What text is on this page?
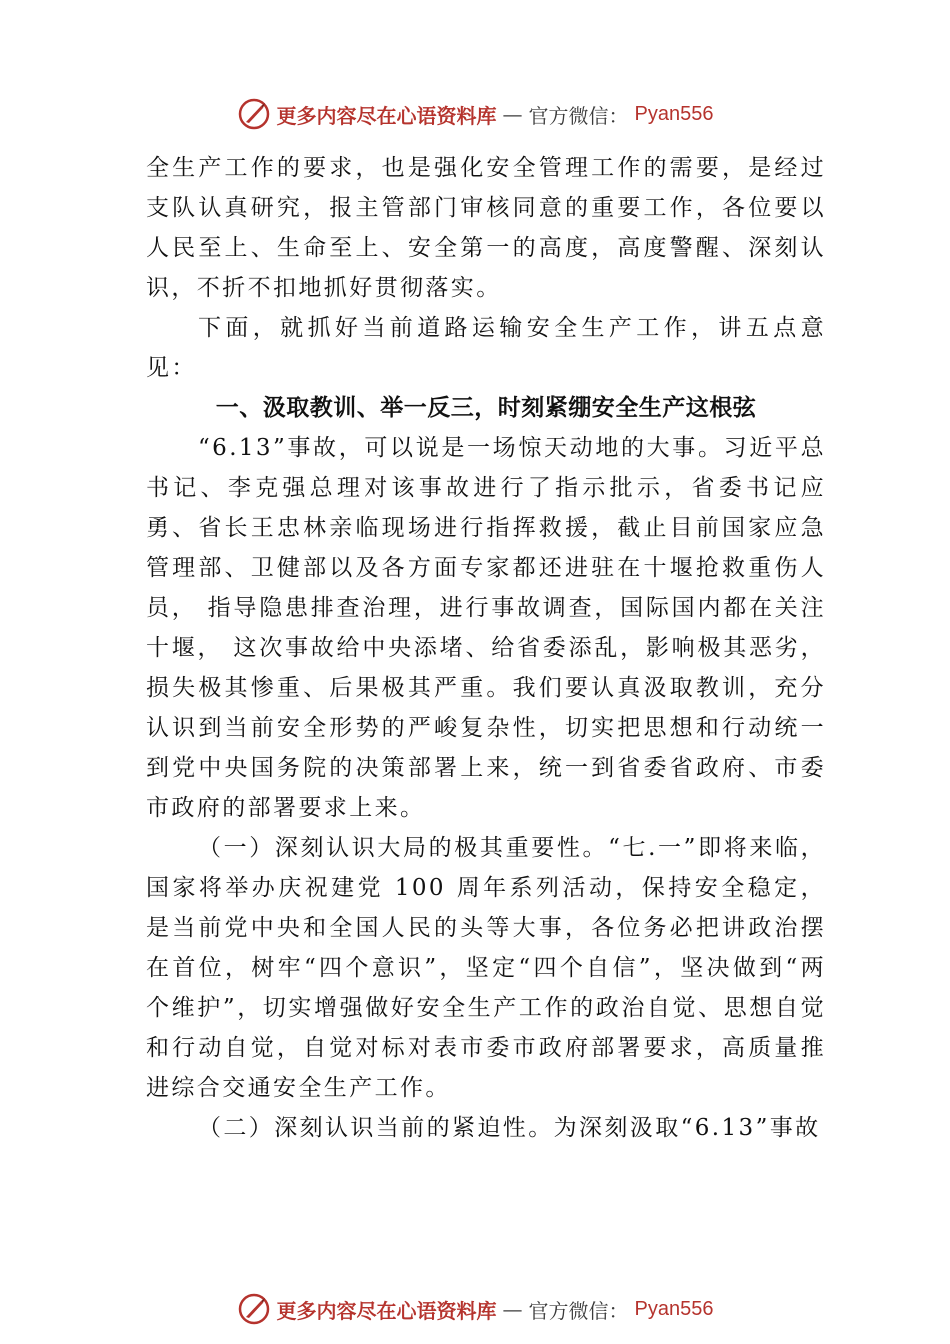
更多内容尽在心语资料库 — 官方微信： Pyan556

全生产工作的要求，也是强化安全管理工作的需要，是经过支队认真研究，报主管部门审核同意的重要工作，各位要以人民至上、生命至上、安全第一的高度，高度警醒、深刻认识，不折不扣地抓好贯彻落实。

下面，就抓好当前道路运输安全生产工作，讲五点意见：

一、汲取教训、举一反三，时刻紧绷安全生产这根弦

“6.13”事故，可以说是一场惊天动地的大事。习近平总书记、李克强总理对该事故进行了指示批示，省委书记应勇、省长王忠林亲临现场进行指挥救援，截止目前国家应急管理部、卫健部以及各方面专家都还进驻在十堰抢救重伤人员， 指导隐患排查治理，进行事故调查，国际国内都在关注十堰， 这次事故给中央添堵、给省委添乱，影响极其恶劣，损失极其惨重、后果极其严重。我们要认真汲取教训，充分认识到当前安全形势的严峻复杂性，切实把思想和行动统一到党中央国务院的决策部署上来，统一到省委省政府、市委市政府的部署要求上来。

（一）深刻认识大局的极其重要性。“七.一”即将来临，国家将举办庆祝建党 100 周年系列活动，保持安全稳定，是当前党中央和全国人民的头等大事，各位务必把讲政治摆在首位，树牢“四个意识”，坚定“四个自信”，坚决做到“两个维护”，切实增强做好安全生产工作的政治自觉、思想自觉和行动自觉，自觉对标对表市委市政府部署要求，高质量推进综合交通安全生产工作。

（二）深刻认识当前的紧迫性。为深刻汲取“6.13”事故

更多内容尽在心语资料库 — 官方微信： Pyan556
